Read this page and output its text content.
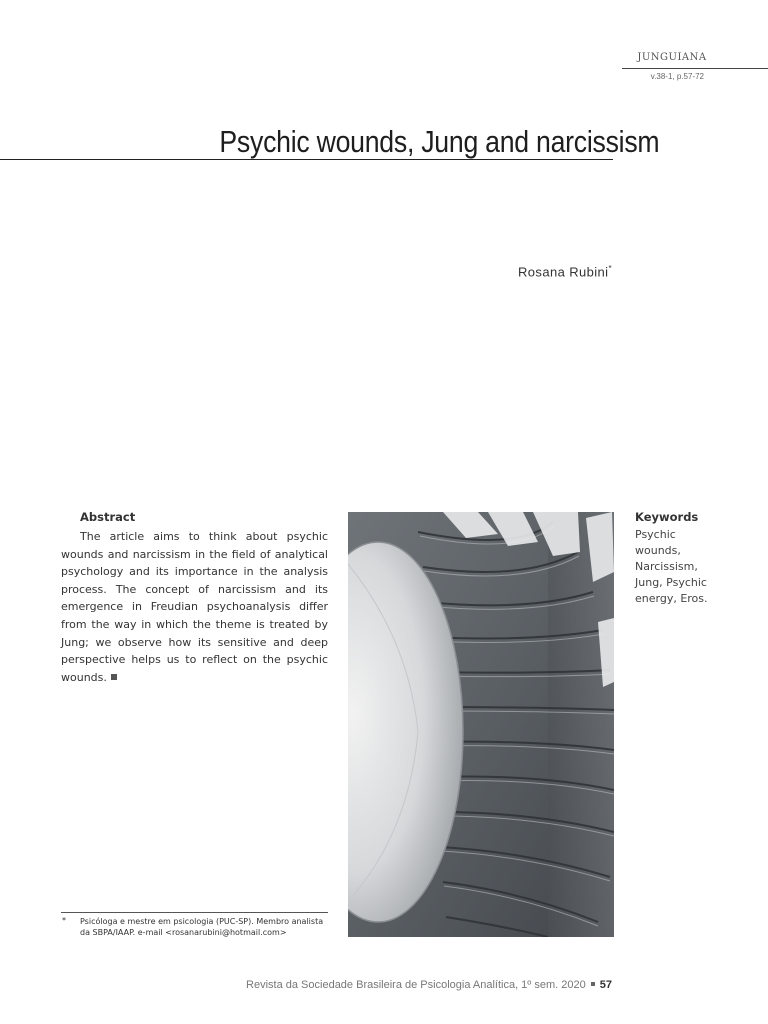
JUNGUIANA
v.38-1, p.57-72
Psychic wounds, Jung and narcissism
Rosana Rubini*
Abstract
The article aims to think about psychic wounds and narcissism in the field of analytical psychology and its importance in the analysis process. The concept of narcissism and its emergence in Freudian psychoanalysis differ from the way in which the theme is treated by Jung; we observe how its sensitive and deep perspective helps us to reflect on the psychic wounds.
Keywords
Psychic wounds, Narcissism, Jung, Psychic energy, Eros.
* Psicóloga e mestre em psicologia (PUC-SP). Membro analista da SBPA/IAAP. e-mail <rosanarubini@hotmail.com>
Revista da Sociedade Brasileira de Psicologia Analítica, 1º sem. 2020 57
